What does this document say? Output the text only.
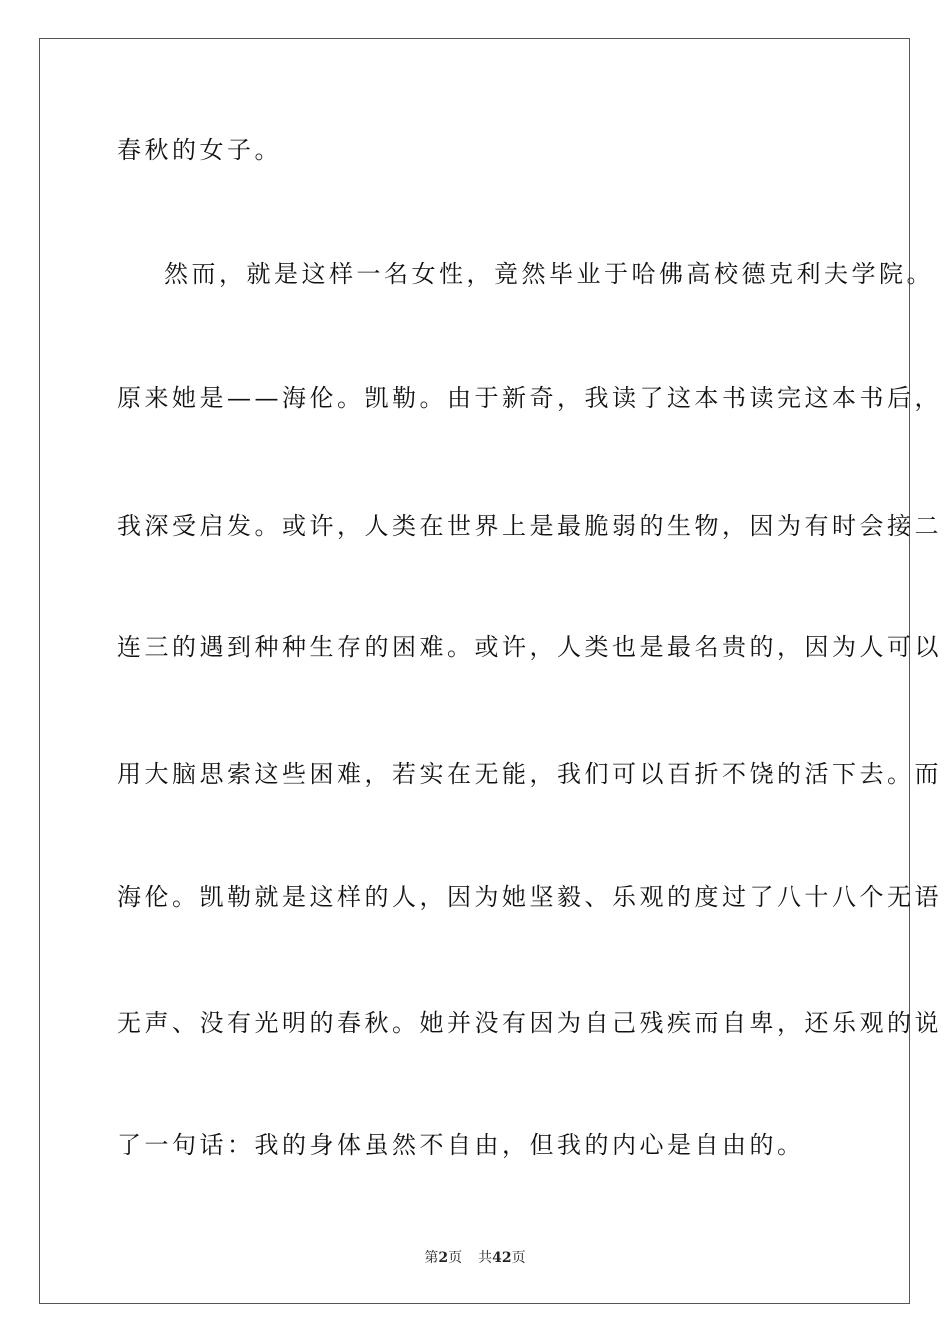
春秋的女子。
然而，就是这样一名女性，竟然毕业于哈佛高校德克利夫学院。
原来她是——海伦。凯勒。由于新奇，我读了这本书读完这本书后，
我深受启发。或许，人类在世界上是最脆弱的生物，因为有时会接二
连三的遇到种种生存的困难。或许，人类也是最名贵的，因为人可以
用大脑思索这些困难，若实在无能，我们可以百折不饶的活下去。而
海伦。凯勒就是这样的人，因为她坚毅、乐观的度过了八十八个无语
无声、没有光明的春秋。她并没有因为自己残疾而自卑，还乐观的说
了一句话：我的身体虽然不自由，但我的内心是自由的。
第2页 共42页
